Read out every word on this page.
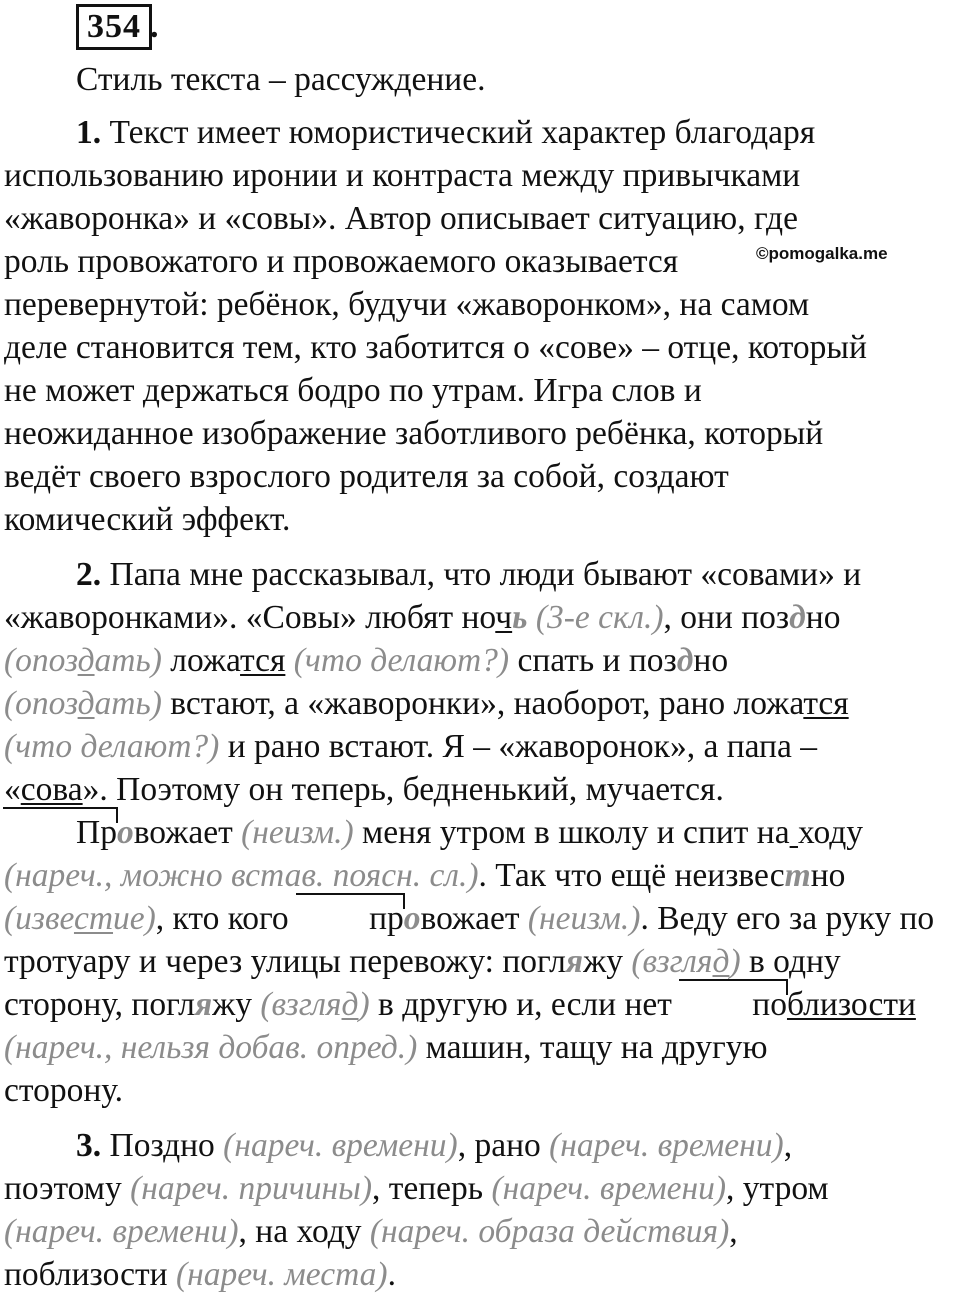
354 .
©pomogalka.me
Стиль текста – рассуждение.
1. Текст имеет юмористический характер благодаря
использованию иронии и контраста между привычками
«жаворонка» и «совы». Автор описывает ситуацию, где
роль провожатого и провожаемого оказывается
перевернутой: ребёнок, будучи «жаворонком», на самом
деле становится тем, кто заботится о «сове» – отце, который
не может держаться бодро по утрам. Игра слов и
неожиданное изображение заботливого ребёнка, который
ведёт своего взрослого родителя за собой, создают
комический эффект.
2. Папа мне рассказывал, что люди бывают «совами» и
«жаворонками». «Совы» любят ночь (3-е скл.), они поздно
(опоздать) ложатся (что делают?) спать и поздно
(опоздать) встают, а «жаворонки», наоборот, рано ложатся
(что делают?) и рано встают. Я – «жаворонок», а папа –
«сова». Поэтому он теперь, бедненький, мучается.
Провожает (неизм.) меня утром в школу и спит на ходу
(нареч., можно встав. поясн. сл.). Так что ещё неизвестно
(известие), кто кого провожает (неизм.). Веду его за руку по
тротуару и через улицы перевожу: погляжу (взгляд) в одну
сторону, погляжу (взгляд) в другую и, если нет поблизости
(нареч., нельзя добав. опред.) машин, тащу на другую
сторону.
3. Поздно (нареч. времени), рано (нареч. времени),
поэтому (нареч. причины), теперь (нареч. времени), утром
(нареч. времени), на ходу (нареч. образа действия),
поблизости (нареч. места).
